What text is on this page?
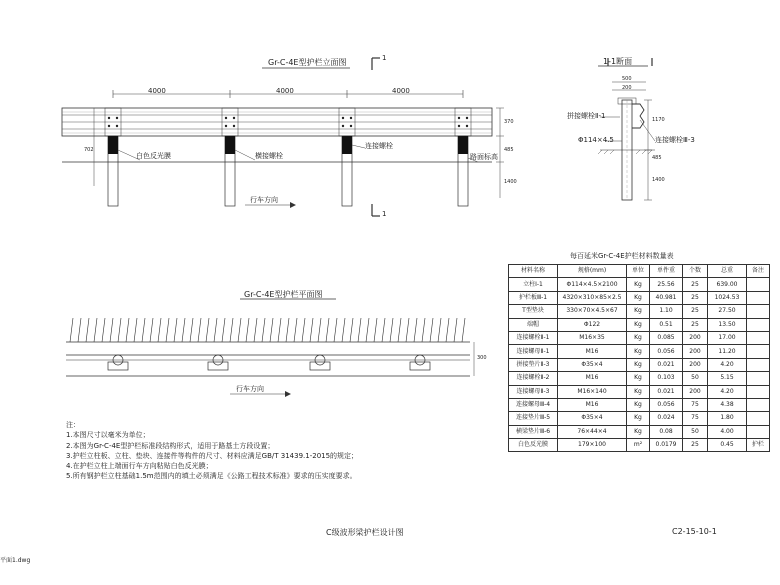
Gr-C-4E型护栏立面图
4000	4000	4000
白色反光膜	横接螺栓
连接螺栓
路面标高
行车方向
702
370
485
1400
1
1	1-1断面
500
200
拼接螺栓Ⅱ-1
Φ114×4.5	连接螺栓Ⅲ-3
1170
485
1400
Gr-C-4E型护栏平面图
行车方向
300
每百延米Gr-C-4E护栏材料数量表
材料名称	规格(mm)	单位	单件重	个数	总重	备注
立柱Ⅰ-1	Φ114×4.5×2100	Kg	25.56	25	639.00	
护栏板Ⅲ-1	4320×310×85×2.5	Kg	40.981	25	1024.53	
T型垫块	330×70×4.5×67	Kg	1.10	25	27.50	
端帽	Φ122	Kg	0.51	25	13.50	
连接螺栓Ⅱ-1	M16×35	Kg	0.085	200	17.00	
连接螺母Ⅱ-1	M16	Kg	0.056	200	11.20	
拼接垫片Ⅱ-3	Φ35×4	Kg	0.021	200	4.20	
连接螺栓Ⅱ-2	M16	Kg	0.103	50	5.15	
连接螺母Ⅱ-3	M16×140	Kg	0.021	200	4.20	
连接螺母Ⅲ-4	M16	Kg	0.056	75	4.38	
连接垫片Ⅲ-5	Φ35×4	Kg	0.024	75	1.80	
横梁垫片Ⅲ-6	76×44×4	Kg	0.08	50	4.00	
白色反光膜	179×100	m²	0.0179	25	0.45	护栏
注：
1.本图尺寸以毫米为单位；
2.本图为Gr-C-4E型护栏标准段结构形式，适用于路基土方段设置；
3.护栏立柱板、立柱、垫块、连接件等构件的尺寸、材料应满足GB/T 31439.1-2015的规定；
4.在护栏立柱上端面行车方向粘贴白色反光膜；
5.所有钢护栏立柱基础1.5m范围内的填土必须满足《公路工程技术标准》要求的压实度要求。
C级波形梁护栏设计图	C2-15-10-1
平面1.dwg
